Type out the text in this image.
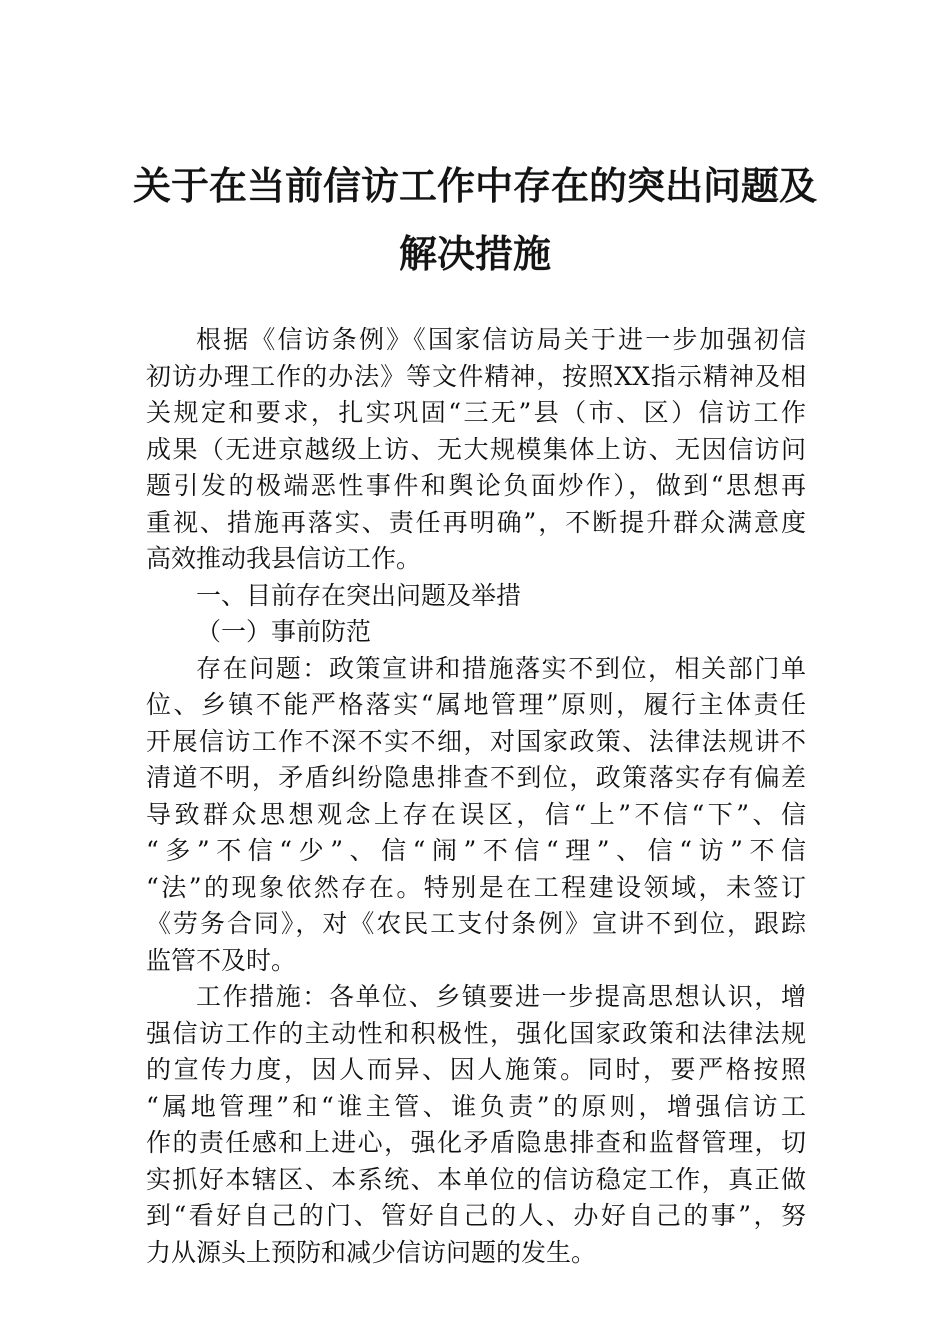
关于在当前信访工作中存在的突出问题及
解决措施
根据《信访条例》《国家信访局关于进一步加强初信
初访办理工作的办法》等文件精神，按照XX指示精神及相
关规定和要求，扎实巩固“三无”县（市、区）信访工作
成果（无进京越级上访、无大规模集体上访、无因信访问
题引发的极端恶性事件和舆论负面炒作），做到“思想再
重视、措施再落实、责任再明确”，不断提升群众满意度
高效推动我县信访工作。
一、目前存在突出问题及举措
（一）事前防范
存在问题：政策宣讲和措施落实不到位，相关部门单
位、乡镇不能严格落实“属地管理”原则，履行主体责任
开展信访工作不深不实不细，对国家政策、法律法规讲不
清道不明，矛盾纠纷隐患排查不到位，政策落实存有偏差
导致群众思想观念上存在误区，信“上”不信“下”、信
“多”不信“少”、信“闹”不信“理”、信“访”不信
“法”的现象依然存在。特别是在工程建设领域，未签订
《劳务合同》，对《农民工支付条例》宣讲不到位，跟踪
监管不及时。
工作措施：各单位、乡镇要进一步提高思想认识，增
强信访工作的主动性和积极性，强化国家政策和法律法规
的宣传力度，因人而异、因人施策。同时，要严格按照
“属地管理”和“谁主管、谁负责”的原则，增强信访工
作的责任感和上进心，强化矛盾隐患排查和监督管理，切
实抓好本辖区、本系统、本单位的信访稳定工作，真正做
到“看好自己的门、管好自己的人、办好自己的事”，努
力从源头上预防和减少信访问题的发生。
